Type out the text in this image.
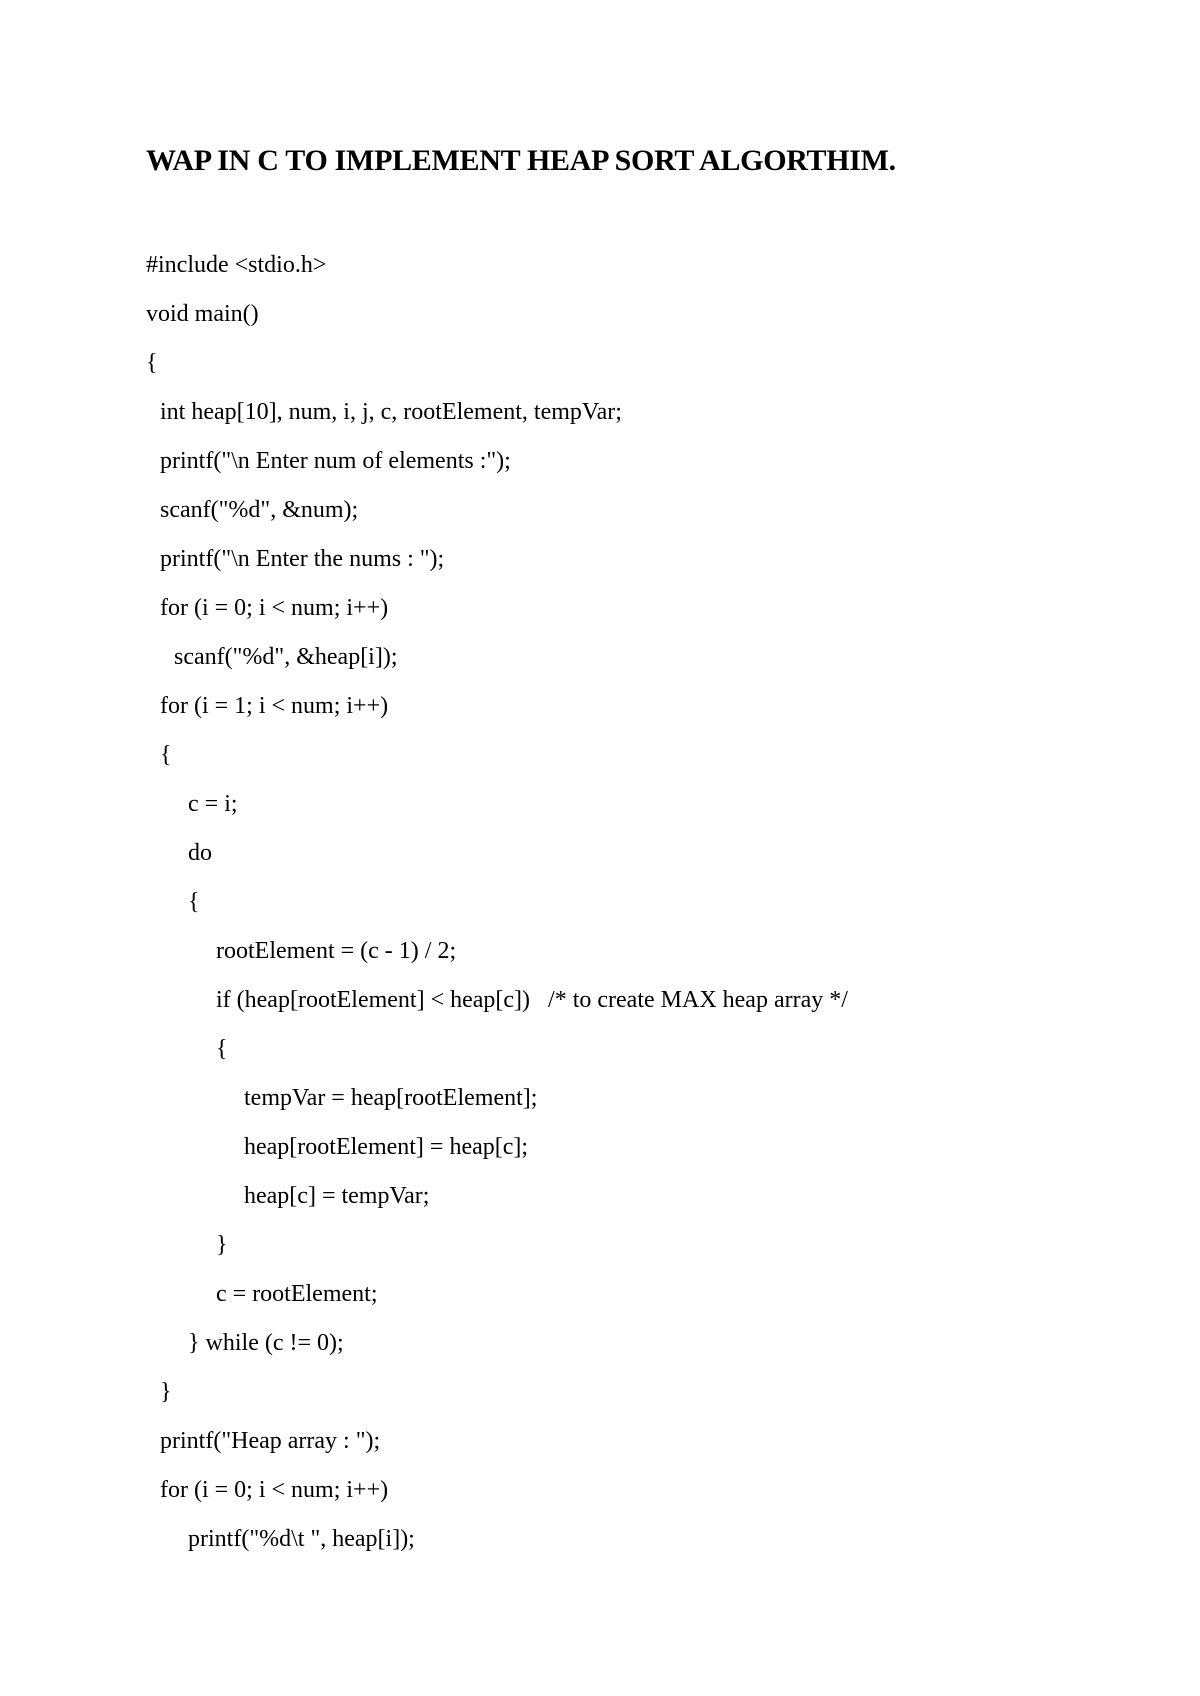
WAP IN C TO IMPLEMENT HEAP SORT ALGORTHIM.
#include <stdio.h>
void main()
{
int heap[10], num, i, j, c, rootElement, tempVar;
printf("\n Enter num of elements :");
scanf("%d", &num);
printf("\n Enter the nums : ");
for (i = 0; i < num; i++)
scanf("%d", &heap[i]);
for (i = 1; i < num; i++)
{
c = i;
do
{
rootElement = (c - 1) / 2;
if (heap[rootElement] < heap[c])   /* to create MAX heap array */
{
tempVar = heap[rootElement];
heap[rootElement] = heap[c];
heap[c] = tempVar;
}
c = rootElement;
} while (c != 0);
}
printf("Heap array : ");
for (i = 0; i < num; i++)
printf("%d\t ", heap[i]);
